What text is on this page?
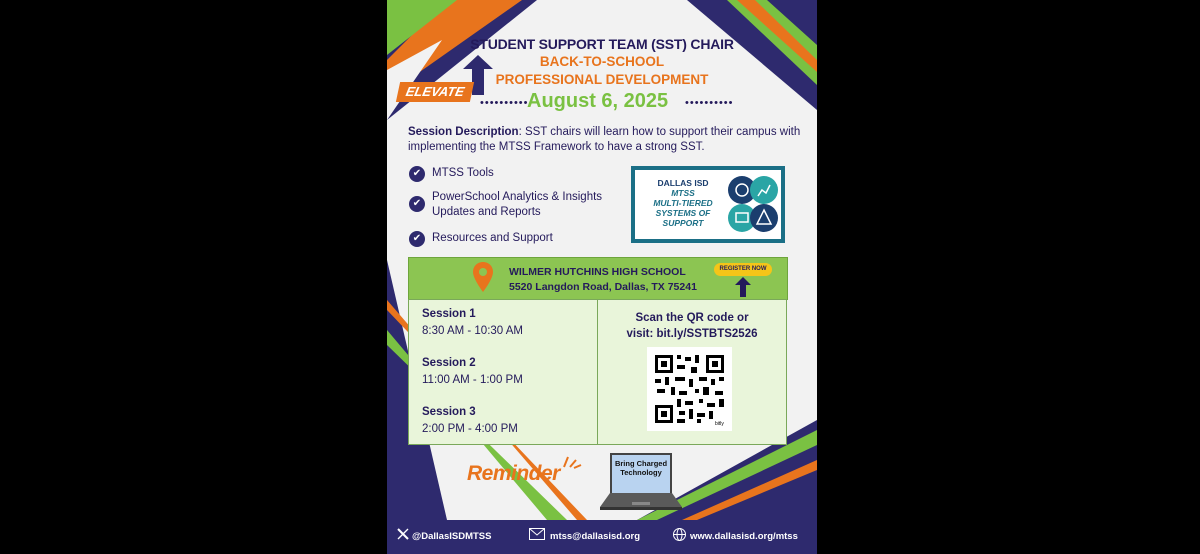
STUDENT SUPPORT TEAM (SST) CHAIR
BACK-TO-SCHOOL
PROFESSIONAL DEVELOPMENT
ELEVATE
••••••••••
August 6, 2025 ••••••••••
Session Description: SST chairs will learn how to support their campus with implementing the MTSS Framework to have a strong SST.
✔ MTSS Tools
✔
PowerSchool Analytics & Insights
Updates and Reports
✔ Resources and Support
DALLAS ISD
MTSS
MULTI-TIERED
SYSTEMS OF
SUPPORT
WILMER HUTCHINS HIGH SCHOOL
5520 Langdon Road, Dallas, TX 75241
REGISTER NOW
Session 1
8:30 AM - 10:30 AM
Session 2
11:00 AM - 1:00 PM
Session 3
2:00 PM - 4:00 PM
Scan the QR code or
visit: bit.ly/SSTBTS2526
bitly
Reminder	Bring Charged
Technology
@DallasISDMTSS	mtss@dallasisd.org	www.dallasisd.org/mtss
